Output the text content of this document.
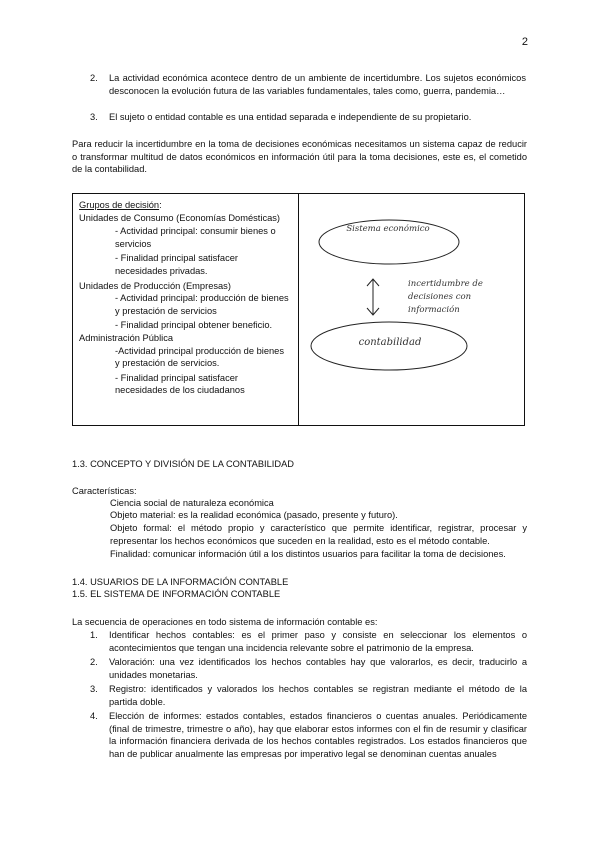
2
2. La actividad económica acontece dentro de un ambiente de incertidumbre. Los sujetos económicos desconocen la evolución futura de las variables fundamentales, tales como, guerra, pandemia…
3. El sujeto o entidad contable es una entidad separada e independiente de su propietario.
Para reducir la incertidumbre en la toma de decisiones económicas necesitamos un sistema capaz de reducir o transformar multitud de datos económicos en información útil para la toma decisiones, este es, el cometido de la contabilidad.
Grupos de decisión:
Unidades de Consumo (Economías Domésticas)
- Actividad principal: consumir bienes o servicios
- Finalidad principal satisfacer necesidades privadas.
Unidades de Producción (Empresas)
- Actividad principal: producción de bienes y prestación de servicios
- Finalidad principal obtener beneficio.
Administración Pública
-Actividad principal producción de bienes y prestación de servicios.
- Finalidad principal satisfacer necesidades de los ciudadanos
Sistema económico
contabilidad
incertidumbre de decisiones con información
1.3. CONCEPTO Y DIVISIÓN DE LA CONTABILIDAD
Características:
Ciencia social de naturaleza económica
Objeto material: es la realidad económica (pasado, presente y futuro).
Objeto formal: el método propio y característico que permite identificar, registrar, procesar y representar los hechos económicos que suceden en la realidad, esto es el método contable.
Finalidad: comunicar información útil a los distintos usuarios para facilitar la toma de decisiones.
1.4. USUARIOS DE LA INFORMACIÓN CONTABLE
1.5. EL SISTEMA DE INFORMACIÓN CONTABLE
La secuencia de operaciones en todo sistema de información contable es:
1. Identificar hechos contables: es el primer paso y consiste en seleccionar los elementos o acontecimientos que tengan una incidencia relevante sobre el patrimonio de la empresa.
2. Valoración: una vez identificados los hechos contables hay que valorarlos, es decir, traducirlo a unidades monetarias.
3. Registro: identificados y valorados los hechos contables se registran mediante el método de la partida doble.
4. Elección de informes: estados contables, estados financieros o cuentas anuales. Periódicamente (final de trimestre, trimestre o año), hay que elaborar estos informes con el fin de resumir y clasificar la información financiera derivada de los hechos contables registrados. Los estados financieros que han de publicar anualmente las empresas por imperativo legal se denominan cuentas anuales
